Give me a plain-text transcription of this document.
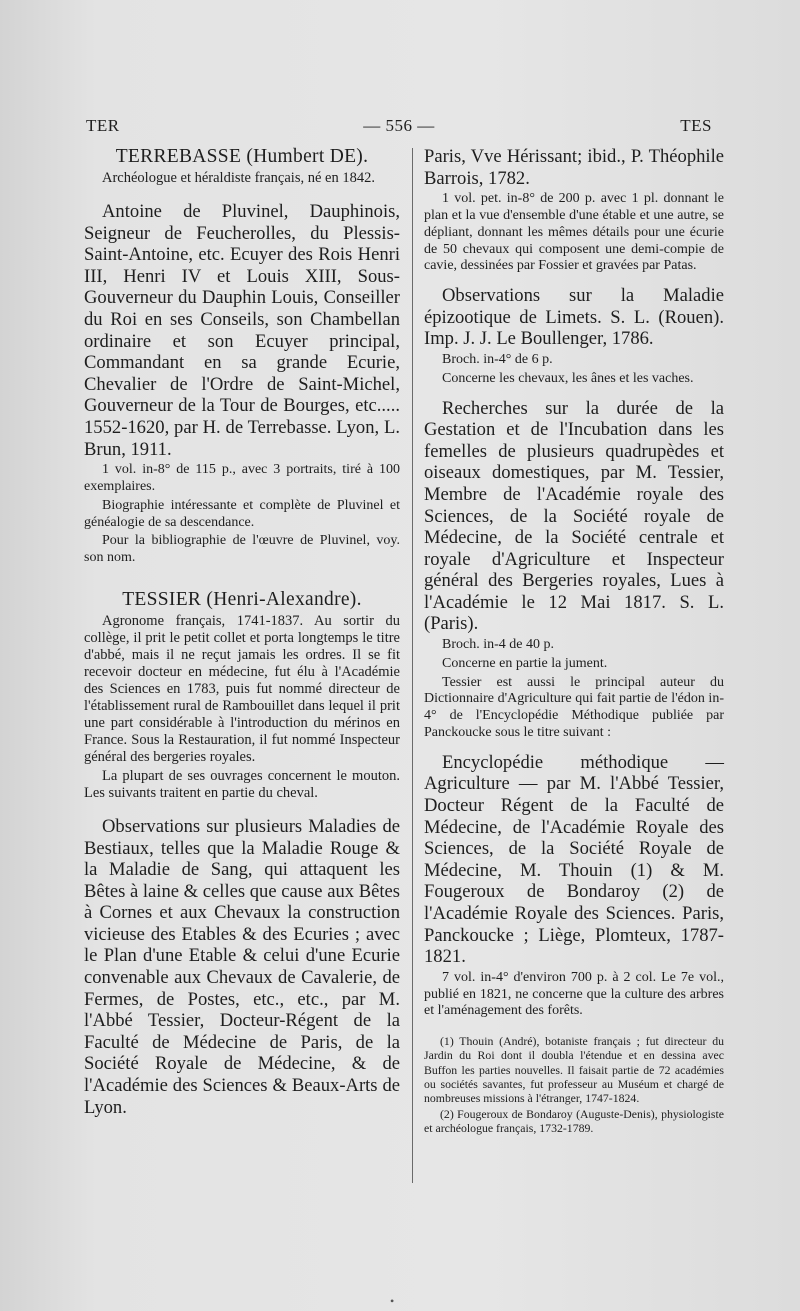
TER	— 556 —	TES

TERREBASSE (Humbert DE).

Archéologue et héraldiste français, né en 1842.

Antoine de Pluvinel, Dauphinois, Seigneur de Feucherolles, du Plessis-Saint-Antoine, etc. Ecuyer des Rois Henri III, Henri IV et Louis XIII, Sous-Gouverneur du Dauphin Louis, Conseiller du Roi en ses Conseils, son Chambellan ordinaire et son Ecuyer principal, Commandant en sa grande Ecurie, Chevalier de l'Ordre de Saint-Michel, Gouverneur de la Tour de Bourges, etc..... 1552-1620, par H. de Terrebasse. Lyon, L. Brun, 1911.

1 vol. in-8° de 115 p., avec 3 portraits, tiré à 100 exemplaires.

Biographie intéressante et complète de Pluvinel et généalogie de sa descendance.

Pour la bibliographie de l'œuvre de Pluvinel, voy. son nom.

TESSIER (Henri-Alexandre).

Agronome français, 1741-1837. Au sortir du collège, il prit le petit collet et porta longtemps le titre d'abbé, mais il ne reçut jamais les ordres. Il se fit recevoir docteur en médecine, fut élu à l'Académie des Sciences en 1783, puis fut nommé directeur de l'établissement rural de Rambouillet dans lequel il prit une part considérable à l'introduction du mérinos en France. Sous la Restauration, il fut nommé Inspecteur général des bergeries royales.

La plupart de ses ouvrages concernent le mouton. Les suivants traitent en partie du cheval.

Observations sur plusieurs Maladies de Bestiaux, telles que la Maladie Rouge & la Maladie de Sang, qui attaquent les Bêtes à laine & celles que cause aux Bêtes à Cornes et aux Chevaux la construction vicieuse des Etables & des Ecuries ; avec le Plan d'une Etable & celui d'une Ecurie convenable aux Chevaux de Cavalerie, de Fermes, de Postes, etc., etc., par M. l'Abbé Tessier, Docteur-Régent de la Faculté de Médecine de Paris, de la Société Royale de Médecine, & de l'Académie des Sciences & Beaux-Arts de Lyon.

Paris, Vve Hérissant; ibid., P. Théophile Barrois, 1782.

1 vol. pet. in-8° de 200 p. avec 1 pl. donnant le plan et la vue d'ensemble d'une étable et une autre, se dépliant, donnant les mêmes détails pour une écurie de 50 chevaux qui composent une demi-compie de cavie, dessinées par Fossier et gravées par Patas.

Observations sur la Maladie épizootique de Limets. S. L. (Rouen). Imp. J. J. Le Boullenger, 1786.

Broch. in-4° de 6 p.

Concerne les chevaux, les ânes et les vaches.

Recherches sur la durée de la Gestation et de l'Incubation dans les femelles de plusieurs quadrupèdes et oiseaux domestiques, par M. Tessier, Membre de l'Académie royale des Sciences, de la Société royale de Médecine, de la Société centrale et royale d'Agriculture et Inspecteur général des Bergeries royales, Lues à l'Académie le 12 Mai 1817. S. L. (Paris).

Broch. in-4 de 40 p.

Concerne en partie la jument.

Tessier est aussi le principal auteur du Dictionnaire d'Agriculture qui fait partie de l'édon in-4° de l'Encyclopédie Méthodique publiée par Panckoucke sous le titre suivant :

Encyclopédie méthodique — Agriculture — par M. l'Abbé Tessier, Docteur Régent de la Faculté de Médecine, de l'Académie Royale des Sciences, de la Société Royale de Médecine, M. Thouin (1) & M. Fougeroux de Bondaroy (2) de l'Académie Royale des Sciences. Paris, Panckoucke ; Liège, Plomteux, 1787-1821.

7 vol. in-4° d'environ 700 p. à 2 col. Le 7e vol., publié en 1821, ne concerne que la culture des arbres et l'aménagement des forêts.

(1) Thouin (André), botaniste français ; fut directeur du Jardin du Roi dont il doubla l'étendue et en dessina avec Buffon les parties nouvelles. Il faisait partie de 72 académies ou sociétés savantes, fut professeur au Muséum et chargé de nombreuses missions à l'étranger, 1747-1824.

(2) Fougeroux de Bondaroy (Auguste-Denis), physiologiste et archéologue français, 1732-1789.

•
